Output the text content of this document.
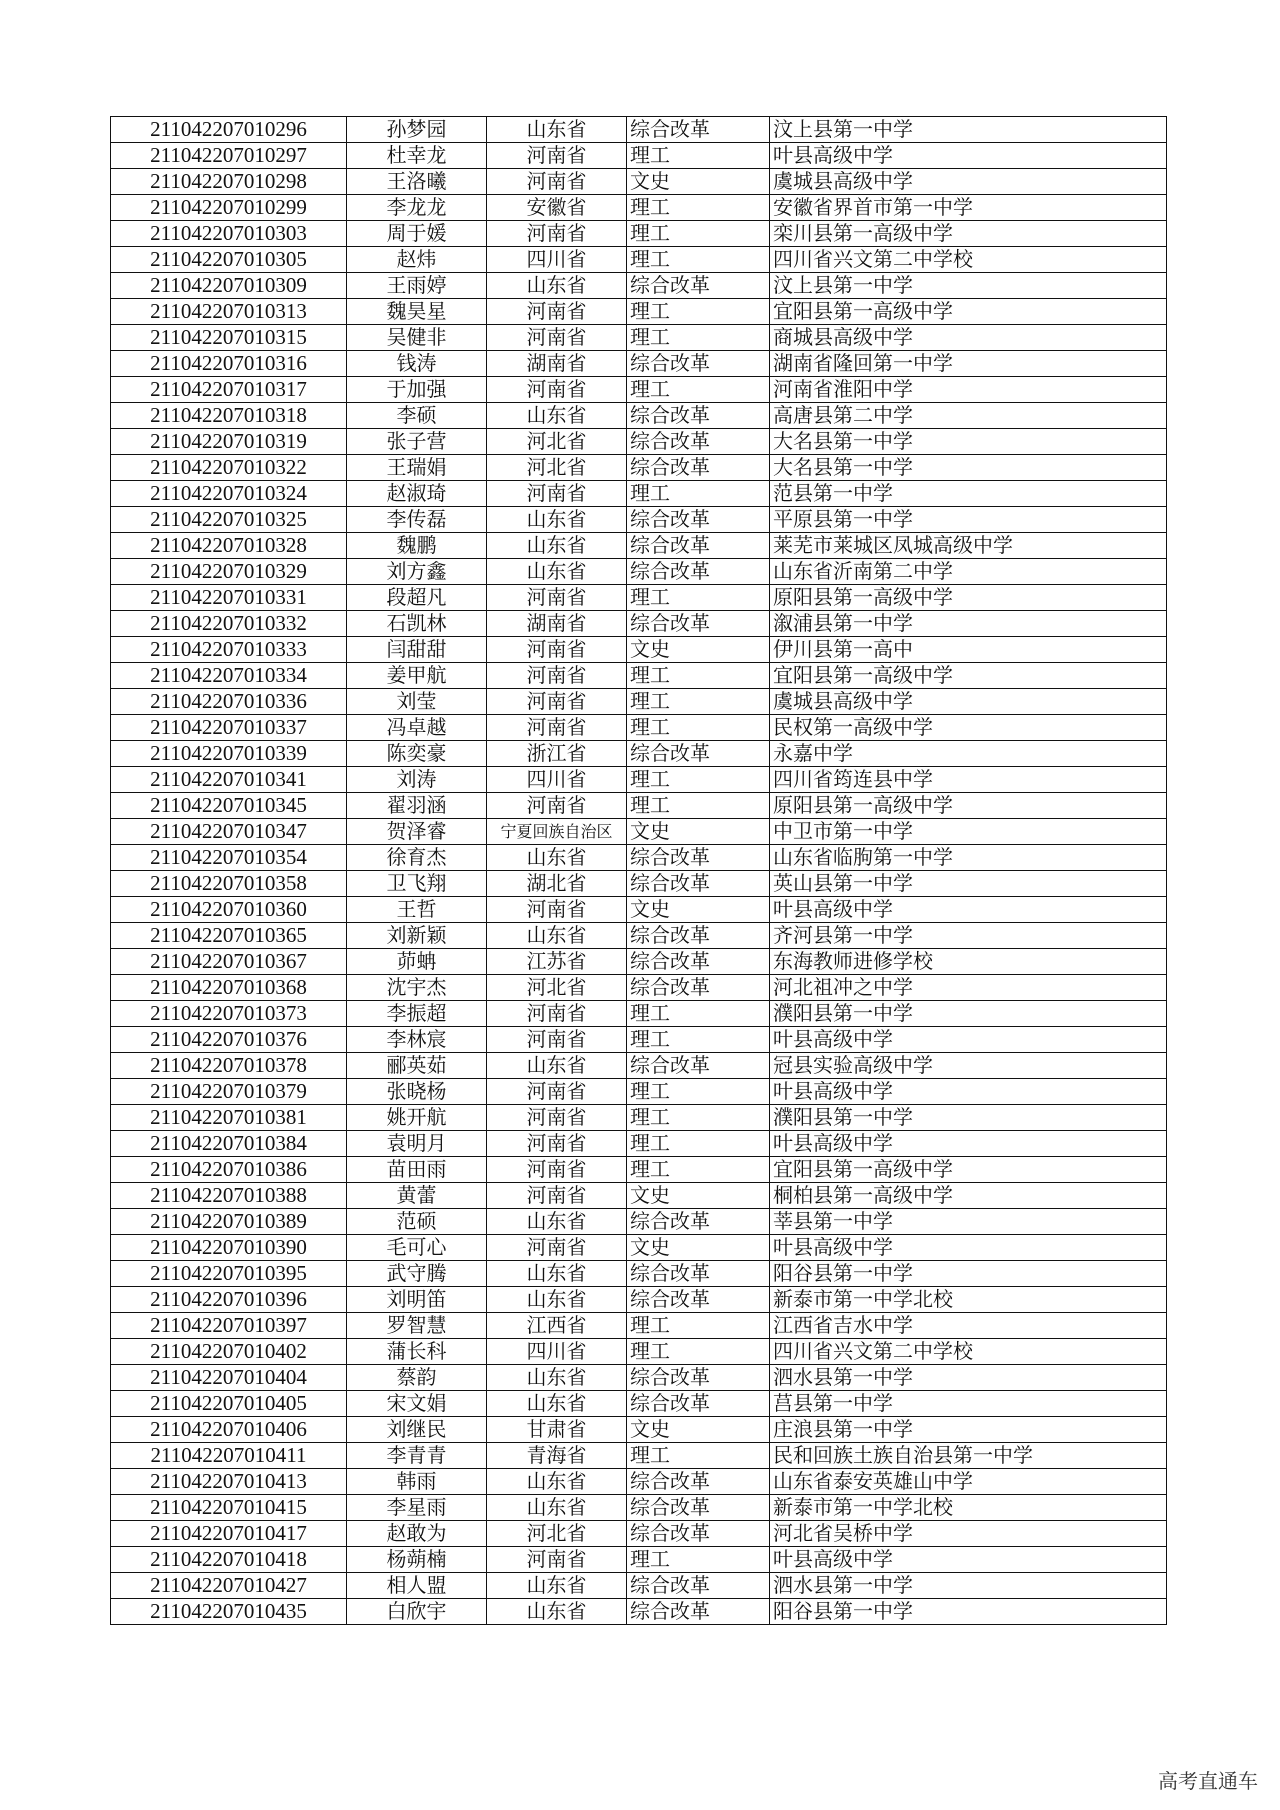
211042207010296	孙梦园	山东省	综合改革	汶上县第一中学
211042207010297	杜幸龙	河南省	理工	叶县高级中学
211042207010298	王洛曦	河南省	文史	虞城县高级中学
211042207010299	李龙龙	安徽省	理工	安徽省界首市第一中学
211042207010303	周于媛	河南省	理工	栾川县第一高级中学
211042207010305	赵炜	四川省	理工	四川省兴文第二中学校
211042207010309	王雨婷	山东省	综合改革	汶上县第一中学
211042207010313	魏昊星	河南省	理工	宜阳县第一高级中学
211042207010315	吴健非	河南省	理工	商城县高级中学
211042207010316	钱涛	湖南省	综合改革	湖南省隆回第一中学
211042207010317	于加强	河南省	理工	河南省淮阳中学
211042207010318	李硕	山东省	综合改革	高唐县第二中学
211042207010319	张子营	河北省	综合改革	大名县第一中学
211042207010322	王瑞娟	河北省	综合改革	大名县第一中学
211042207010324	赵淑琦	河南省	理工	范县第一中学
211042207010325	李传磊	山东省	综合改革	平原县第一中学
211042207010328	魏鹏	山东省	综合改革	莱芜市莱城区凤城高级中学
211042207010329	刘方鑫	山东省	综合改革	山东省沂南第二中学
211042207010331	段超凡	河南省	理工	原阳县第一高级中学
211042207010332	石凯林	湖南省	综合改革	溆浦县第一中学
211042207010333	闫甜甜	河南省	文史	伊川县第一高中
211042207010334	姜甲航	河南省	理工	宜阳县第一高级中学
211042207010336	刘莹	河南省	理工	虞城县高级中学
211042207010337	冯卓越	河南省	理工	民权第一高级中学
211042207010339	陈奕豪	浙江省	综合改革	永嘉中学
211042207010341	刘涛	四川省	理工	四川省筠连县中学
211042207010345	翟羽涵	河南省	理工	原阳县第一高级中学
211042207010347	贺泽睿	宁夏回族自治区	文史	中卫市第一中学
211042207010354	徐育杰	山东省	综合改革	山东省临朐第一中学
211042207010358	卫飞翔	湖北省	综合改革	英山县第一中学
211042207010360	王哲	河南省	文史	叶县高级中学
211042207010365	刘新颖	山东省	综合改革	齐河县第一中学
211042207010367	茆蚺	江苏省	综合改革	东海教师进修学校
211042207010368	沈宇杰	河北省	综合改革	河北祖冲之中学
211042207010373	李振超	河南省	理工	濮阳县第一中学
211042207010376	李林宸	河南省	理工	叶县高级中学
211042207010378	郦英茹	山东省	综合改革	冠县实验高级中学
211042207010379	张晓杨	河南省	理工	叶县高级中学
211042207010381	姚开航	河南省	理工	濮阳县第一中学
211042207010384	袁明月	河南省	理工	叶县高级中学
211042207010386	苗田雨	河南省	理工	宜阳县第一高级中学
211042207010388	黄蕾	河南省	文史	桐柏县第一高级中学
211042207010389	范硕	山东省	综合改革	莘县第一中学
211042207010390	毛可心	河南省	文史	叶县高级中学
211042207010395	武守腾	山东省	综合改革	阳谷县第一中学
211042207010396	刘明笛	山东省	综合改革	新泰市第一中学北校
211042207010397	罗智慧	江西省	理工	江西省吉水中学
211042207010402	蒲长科	四川省	理工	四川省兴文第二中学校
211042207010404	蔡韵	山东省	综合改革	泗水县第一中学
211042207010405	宋文娟	山东省	综合改革	莒县第一中学
211042207010406	刘继民	甘肃省	文史	庄浪县第一中学
211042207010411	李青青	青海省	理工	民和回族土族自治县第一中学
211042207010413	韩雨	山东省	综合改革	山东省泰安英雄山中学
211042207010415	李星雨	山东省	综合改革	新泰市第一中学北校
211042207010417	赵敢为	河北省	综合改革	河北省吴桥中学
211042207010418	杨蒴楠	河南省	理工	叶县高级中学
211042207010427	相人盟	山东省	综合改革	泗水县第一中学
211042207010435	白欣宇	山东省	综合改革	阳谷县第一中学
高考直通车
